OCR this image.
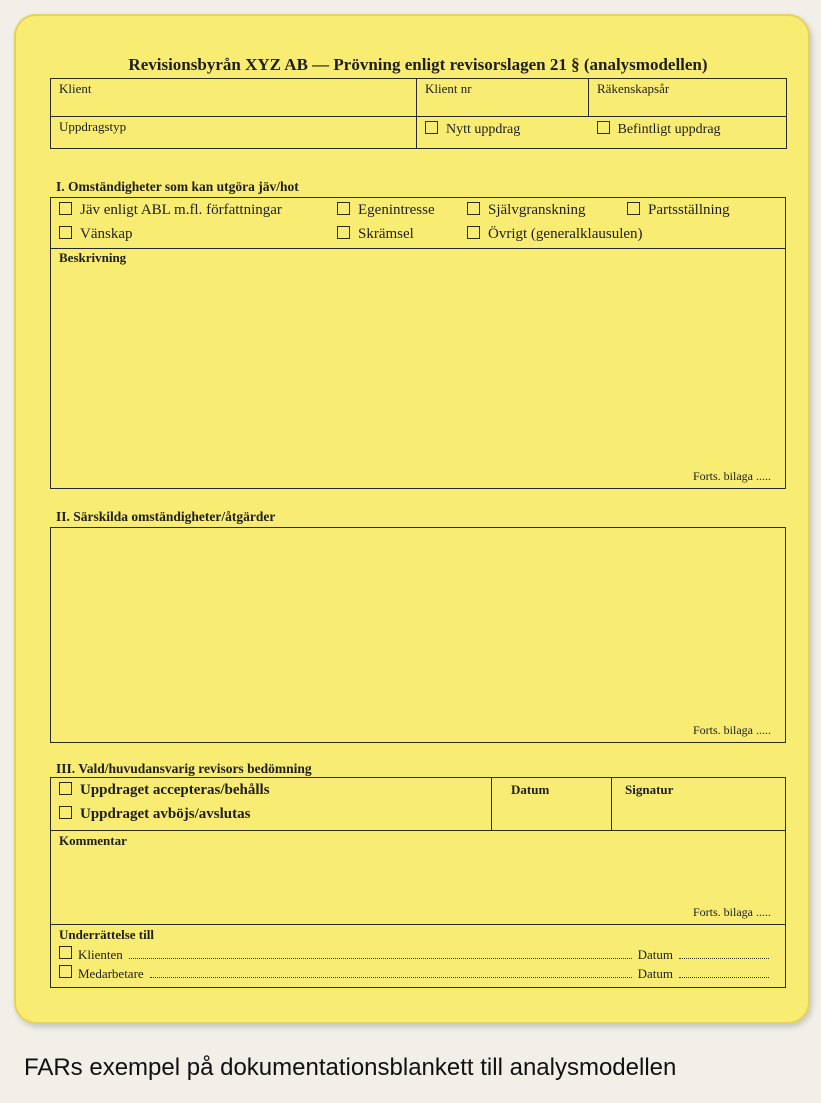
Revisionsbyrån XYZ AB — Prövning enligt revisorslagen 21 § (analysmodellen)
Klient	Klient nr	Räkenskapsår
Uppdragstyp	Nytt uppdrag	Befintligt uppdrag
I. Omständigheter som kan utgöra jäv/hot
Jäv enligt ABL m.fl. författningar	Egenintresse	Självgranskning	Partsställning
Vänskap	Skrämsel	Övrigt (generalklausulen)
Beskrivning
Forts. bilaga .....
II. Särskilda omständigheter/åtgärder
Forts. bilaga .....
III. Vald/huvudansvarig revisors bedömning
Uppdraget accepteras/behålls
Uppdraget avböjs/avslutas
Datum	Signatur
Kommentar
Forts. bilaga .....
Underrättelse till
Klienten	Datum
Medarbetare	Datum
FARs exempel på dokumentationsblankett till analysmodellen
